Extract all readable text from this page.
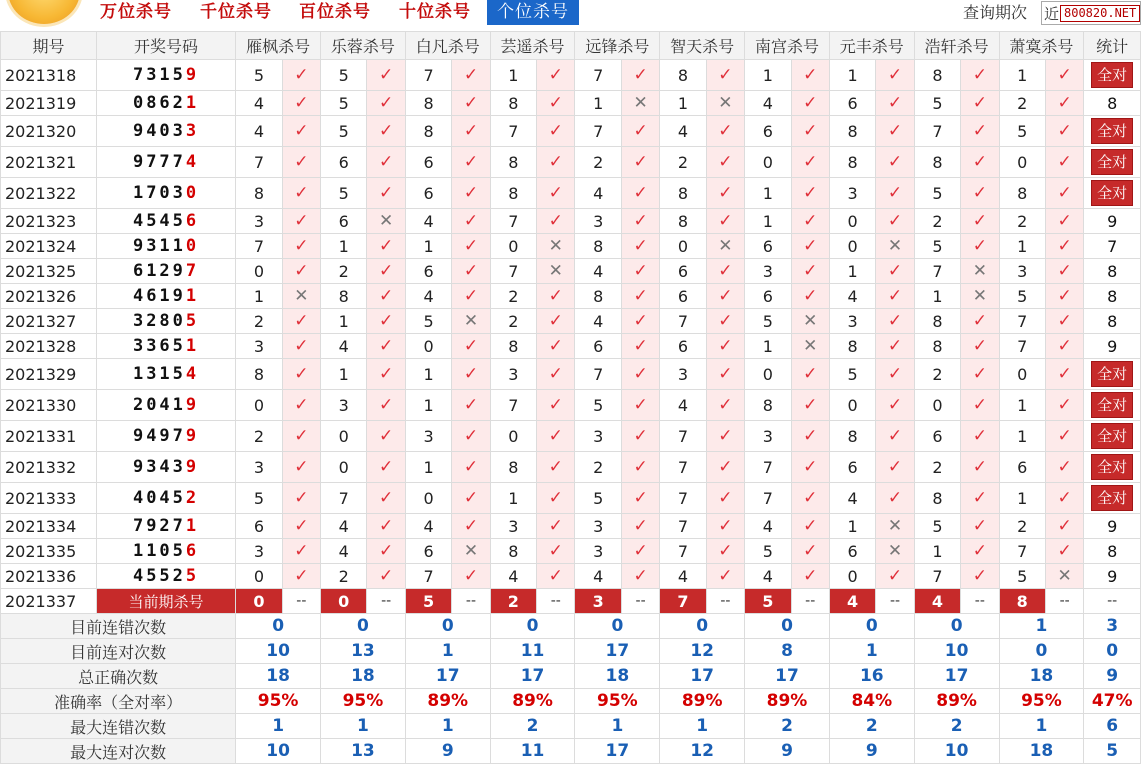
万位杀号 千位杀号 百位杀号 十位杀号	个位杀号	查询期次 近 800820.NET
期号	开奖号码	雁枫杀号		乐蓉杀号		白凡杀号		芸遥杀号		远锋杀号		智天杀号		南宫杀号		元丰杀号		浩轩杀号		萧寞杀号		统计
2021318	73159	5	✓	5	✓	7	✓	1	✓	7	✓	8	✓	1	✓	1	✓	8	✓	1	✓	全对
2021319	08621	4	✓	5	✓	8	✓	8	✓	1	✕	1	✕	4	✓	6	✓	5	✓	2	✓	8
2021320	94033	4	✓	5	✓	8	✓	7	✓	7	✓	4	✓	6	✓	8	✓	7	✓	5	✓	全对
2021321	97774	7	✓	6	✓	6	✓	8	✓	2	✓	2	✓	0	✓	8	✓	8	✓	0	✓	全对
2021322	17030	8	✓	5	✓	6	✓	8	✓	4	✓	8	✓	1	✓	3	✓	5	✓	8	✓	全对
2021323	45456	3	✓	6	✕	4	✓	7	✓	3	✓	8	✓	1	✓	0	✓	2	✓	2	✓	9
2021324	93110	7	✓	1	✓	1	✓	0	✕	8	✓	0	✕	6	✓	0	✕	5	✓	1	✓	7
2021325	61297	0	✓	2	✓	6	✓	7	✕	4	✓	6	✓	3	✓	1	✓	7	✕	3	✓	8
2021326	46191	1	✕	8	✓	4	✓	2	✓	8	✓	6	✓	6	✓	4	✓	1	✕	5	✓	8
2021327	32805	2	✓	1	✓	5	✕	2	✓	4	✓	7	✓	5	✕	3	✓	8	✓	7	✓	8
2021328	33651	3	✓	4	✓	0	✓	8	✓	6	✓	6	✓	1	✕	8	✓	8	✓	7	✓	9
2021329	13154	8	✓	1	✓	1	✓	3	✓	7	✓	3	✓	0	✓	5	✓	2	✓	0	✓	全对
2021330	20419	0	✓	3	✓	1	✓	7	✓	5	✓	4	✓	8	✓	0	✓	0	✓	1	✓	全对
2021331	94979	2	✓	0	✓	3	✓	0	✓	3	✓	7	✓	3	✓	8	✓	6	✓	1	✓	全对
2021332	93439	3	✓	0	✓	1	✓	8	✓	2	✓	7	✓	7	✓	6	✓	2	✓	6	✓	全对
2021333	40452	5	✓	7	✓	0	✓	1	✓	5	✓	7	✓	7	✓	4	✓	8	✓	1	✓	全对
2021334	79271	6	✓	4	✓	4	✓	3	✓	3	✓	7	✓	4	✓	1	✕	5	✓	2	✓	9
2021335	11056	3	✓	4	✓	6	✕	8	✓	3	✓	7	✓	5	✓	6	✕	1	✓	7	✓	8
2021336	45525	0	✓	2	✓	7	✓	4	✓	4	✓	4	✓	4	✓	0	✓	7	✓	5	✕	9
2021337	当前期杀号	0	--	0	--	5	--	2	--	3	--	7	--	5	--	4	--	4	--	8	--	--
目前连错次数		0		0		0		0		0		0		0		0		0		1		3
目前连对次数		10		13		1		11		17		12		8		1		10		0		0
总正确次数		18		18		17		17		18		17		17		16		17		18		9
准确率（全对率）		95%		95%		89%		89%		95%		89%		89%		84%		89%		95%		47%
最大连错次数		1		1		1		2		1		1		2		2		2		1		6
最大连对次数		10		13		9		11		17		12		9		9		10		18		5
